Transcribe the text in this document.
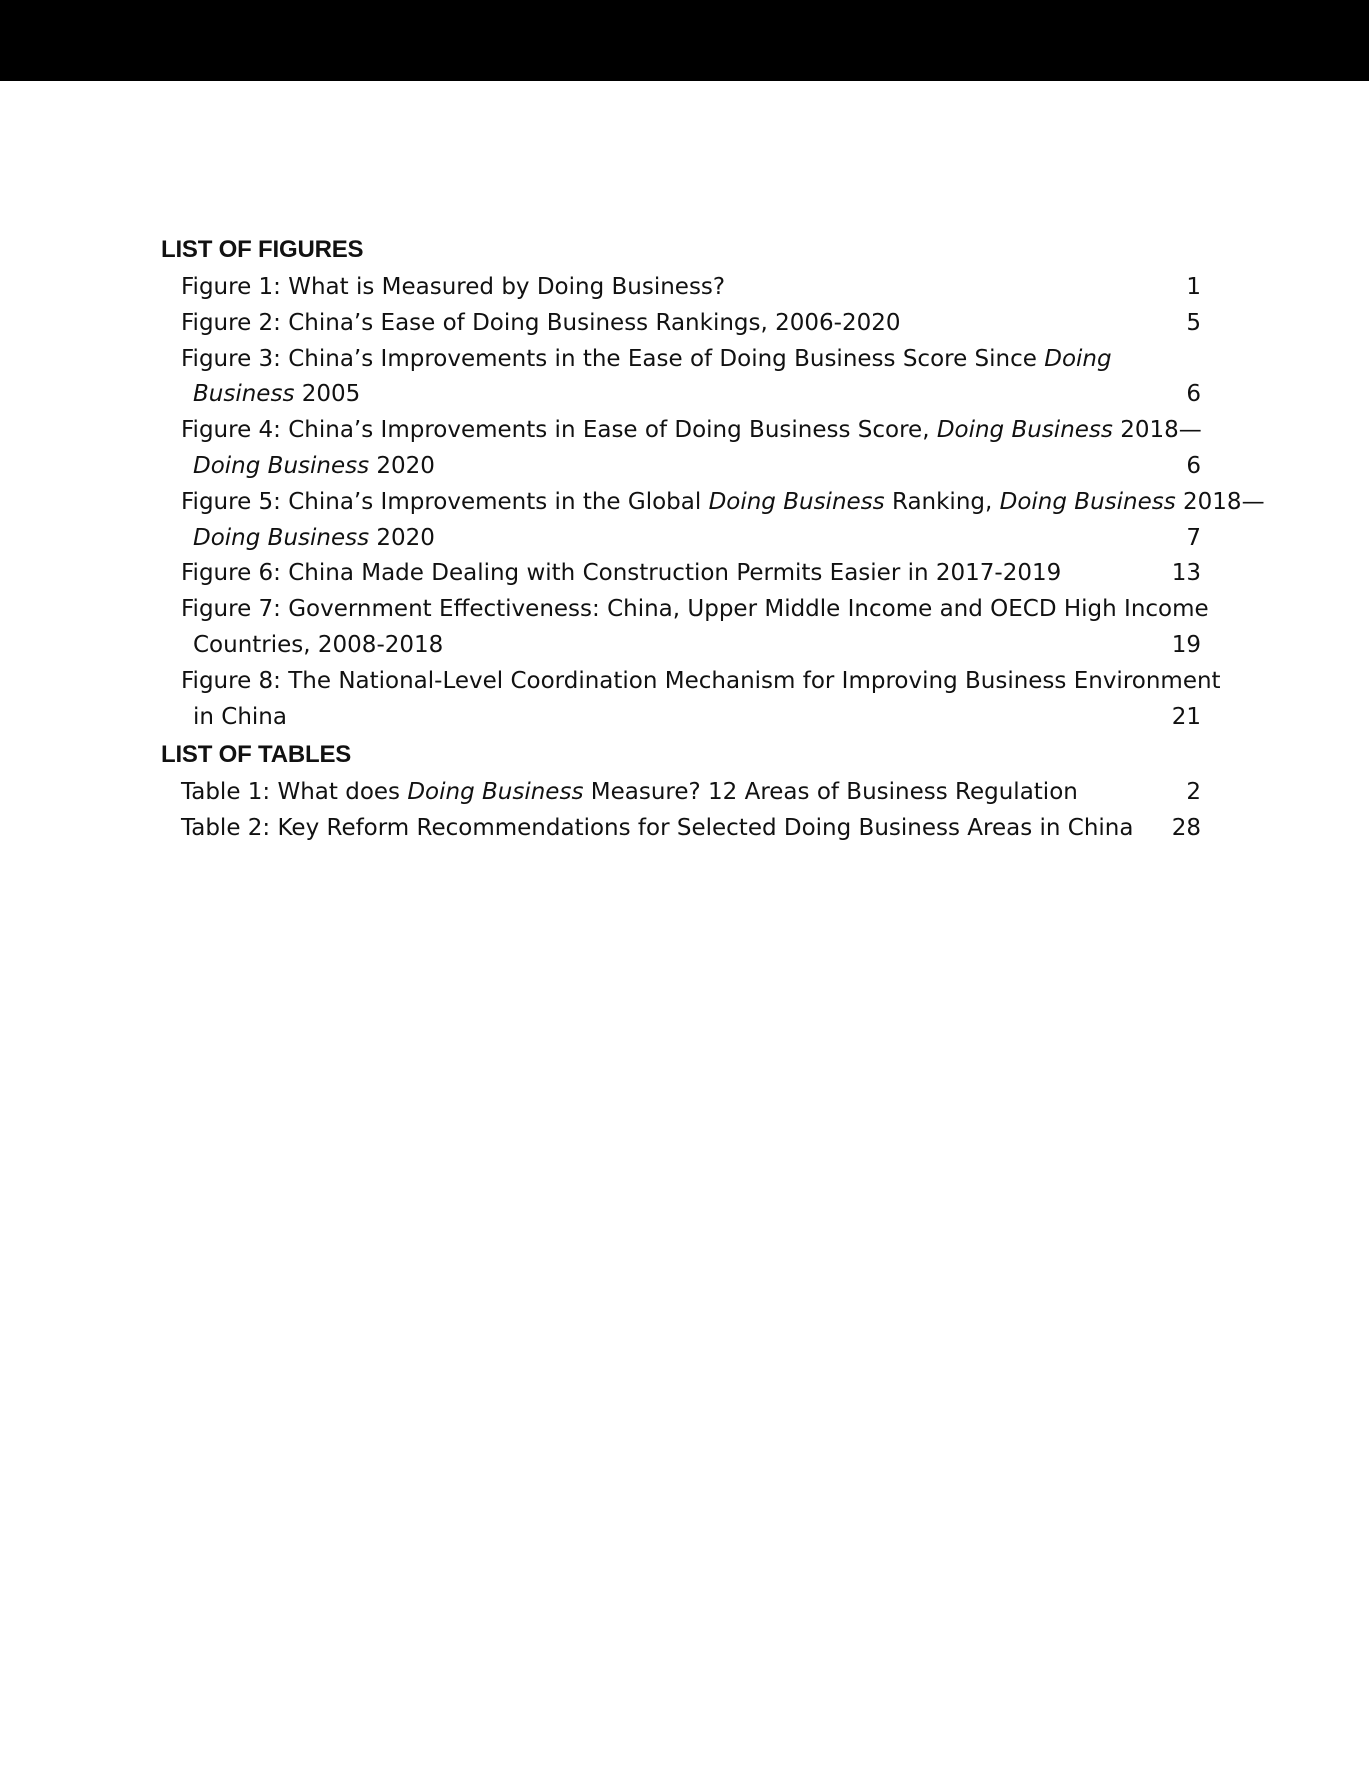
LIST OF FIGURES
Figure 1: What is Measured by Doing Business?	1
Figure 2: China’s Ease of Doing Business Rankings, 2006-2020	5
Figure 3: China’s Improvements in the Ease of Doing Business Score Since Doing
Business 2005	6
Figure 4: China’s Improvements in Ease of Doing Business Score, Doing Business 2018—
Doing Business 2020	6
Figure 5: China’s Improvements in the Global Doing Business Ranking, Doing Business 2018—
Doing Business 2020	7
Figure 6: China Made Dealing with Construction Permits Easier in 2017-2019	13
Figure 7: Government Effectiveness: China, Upper Middle Income and OECD High Income
Countries, 2008-2018	19
Figure 8: The National-Level Coordination Mechanism for Improving Business Environment
in China	21
LIST OF TABLES
Table 1: What does Doing Business Measure? 12 Areas of Business Regulation	2
Table 2: Key Reform Recommendations for Selected Doing Business Areas in China	28
